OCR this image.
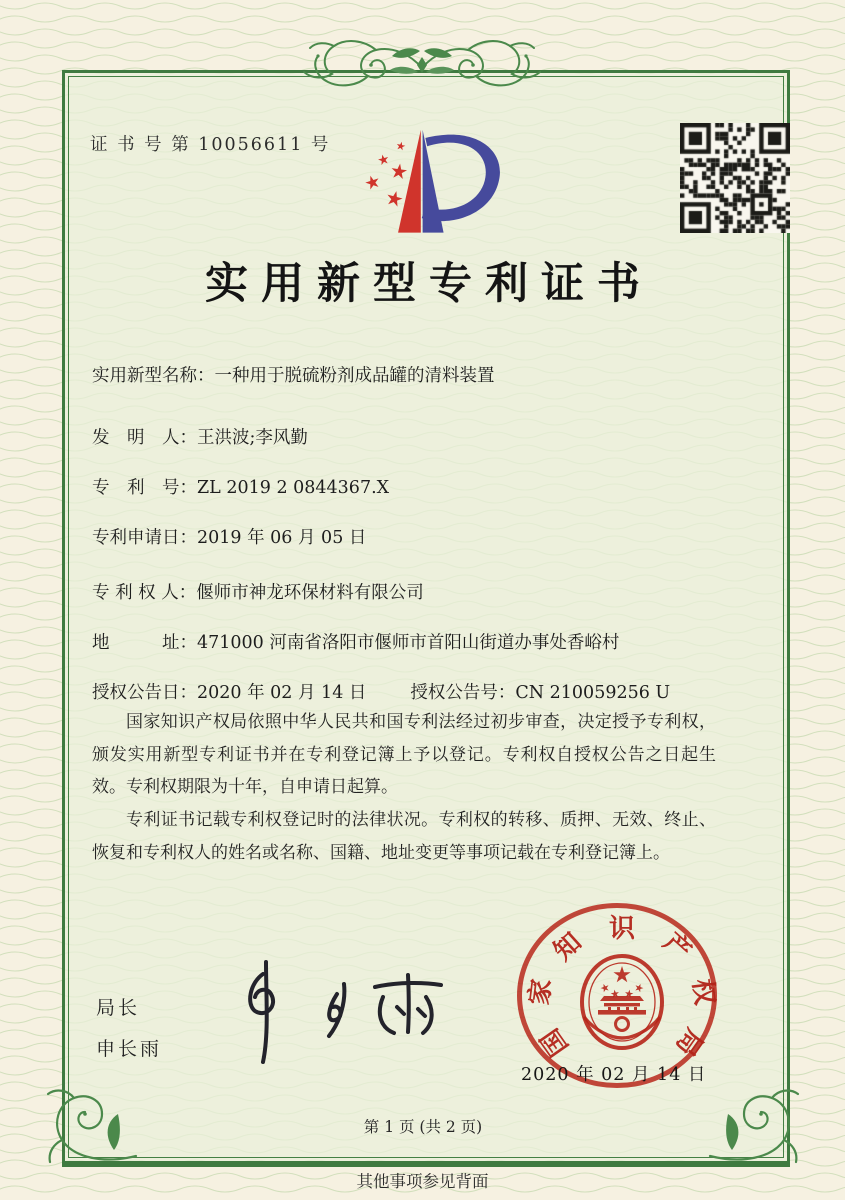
证 书 号 第 10056611 号
实用新型专利证书
实用新型名称： 一种用于脱硫粉剂成品罐的清料装置
发　明　人： 王洪波;李风勤
专　利　号： ZL 2019 2 0844367.X
专利申请日： 2019 年 06 月 05 日
专 利 权 人： 偃师市神龙环保材料有限公司
地　　　址： 471000 河南省洛阳市偃师市首阳山街道办事处香峪村
授权公告日： 2020 年 02 月 14 日	授权公告号： CN 210059256 U

国家知识产权局依照中华人民共和国专利法经过初步审查，决定授予专利权，颁发实用新型专利证书并在专利登记簿上予以登记。专利权自授权公告之日起生效。专利权期限为十年，自申请日起算。

专利证书记载专利权登记时的法律状况。专利权的转移、质押、无效、终止、恢复和专利权人的姓名或名称、国籍、地址变更等事项记载在专利登记簿上。

局长
申长雨	国
家
知 识 产
权
局
2020 年 02 月 14 日
第 1 页 (共 2 页)
其他事项参见背面
